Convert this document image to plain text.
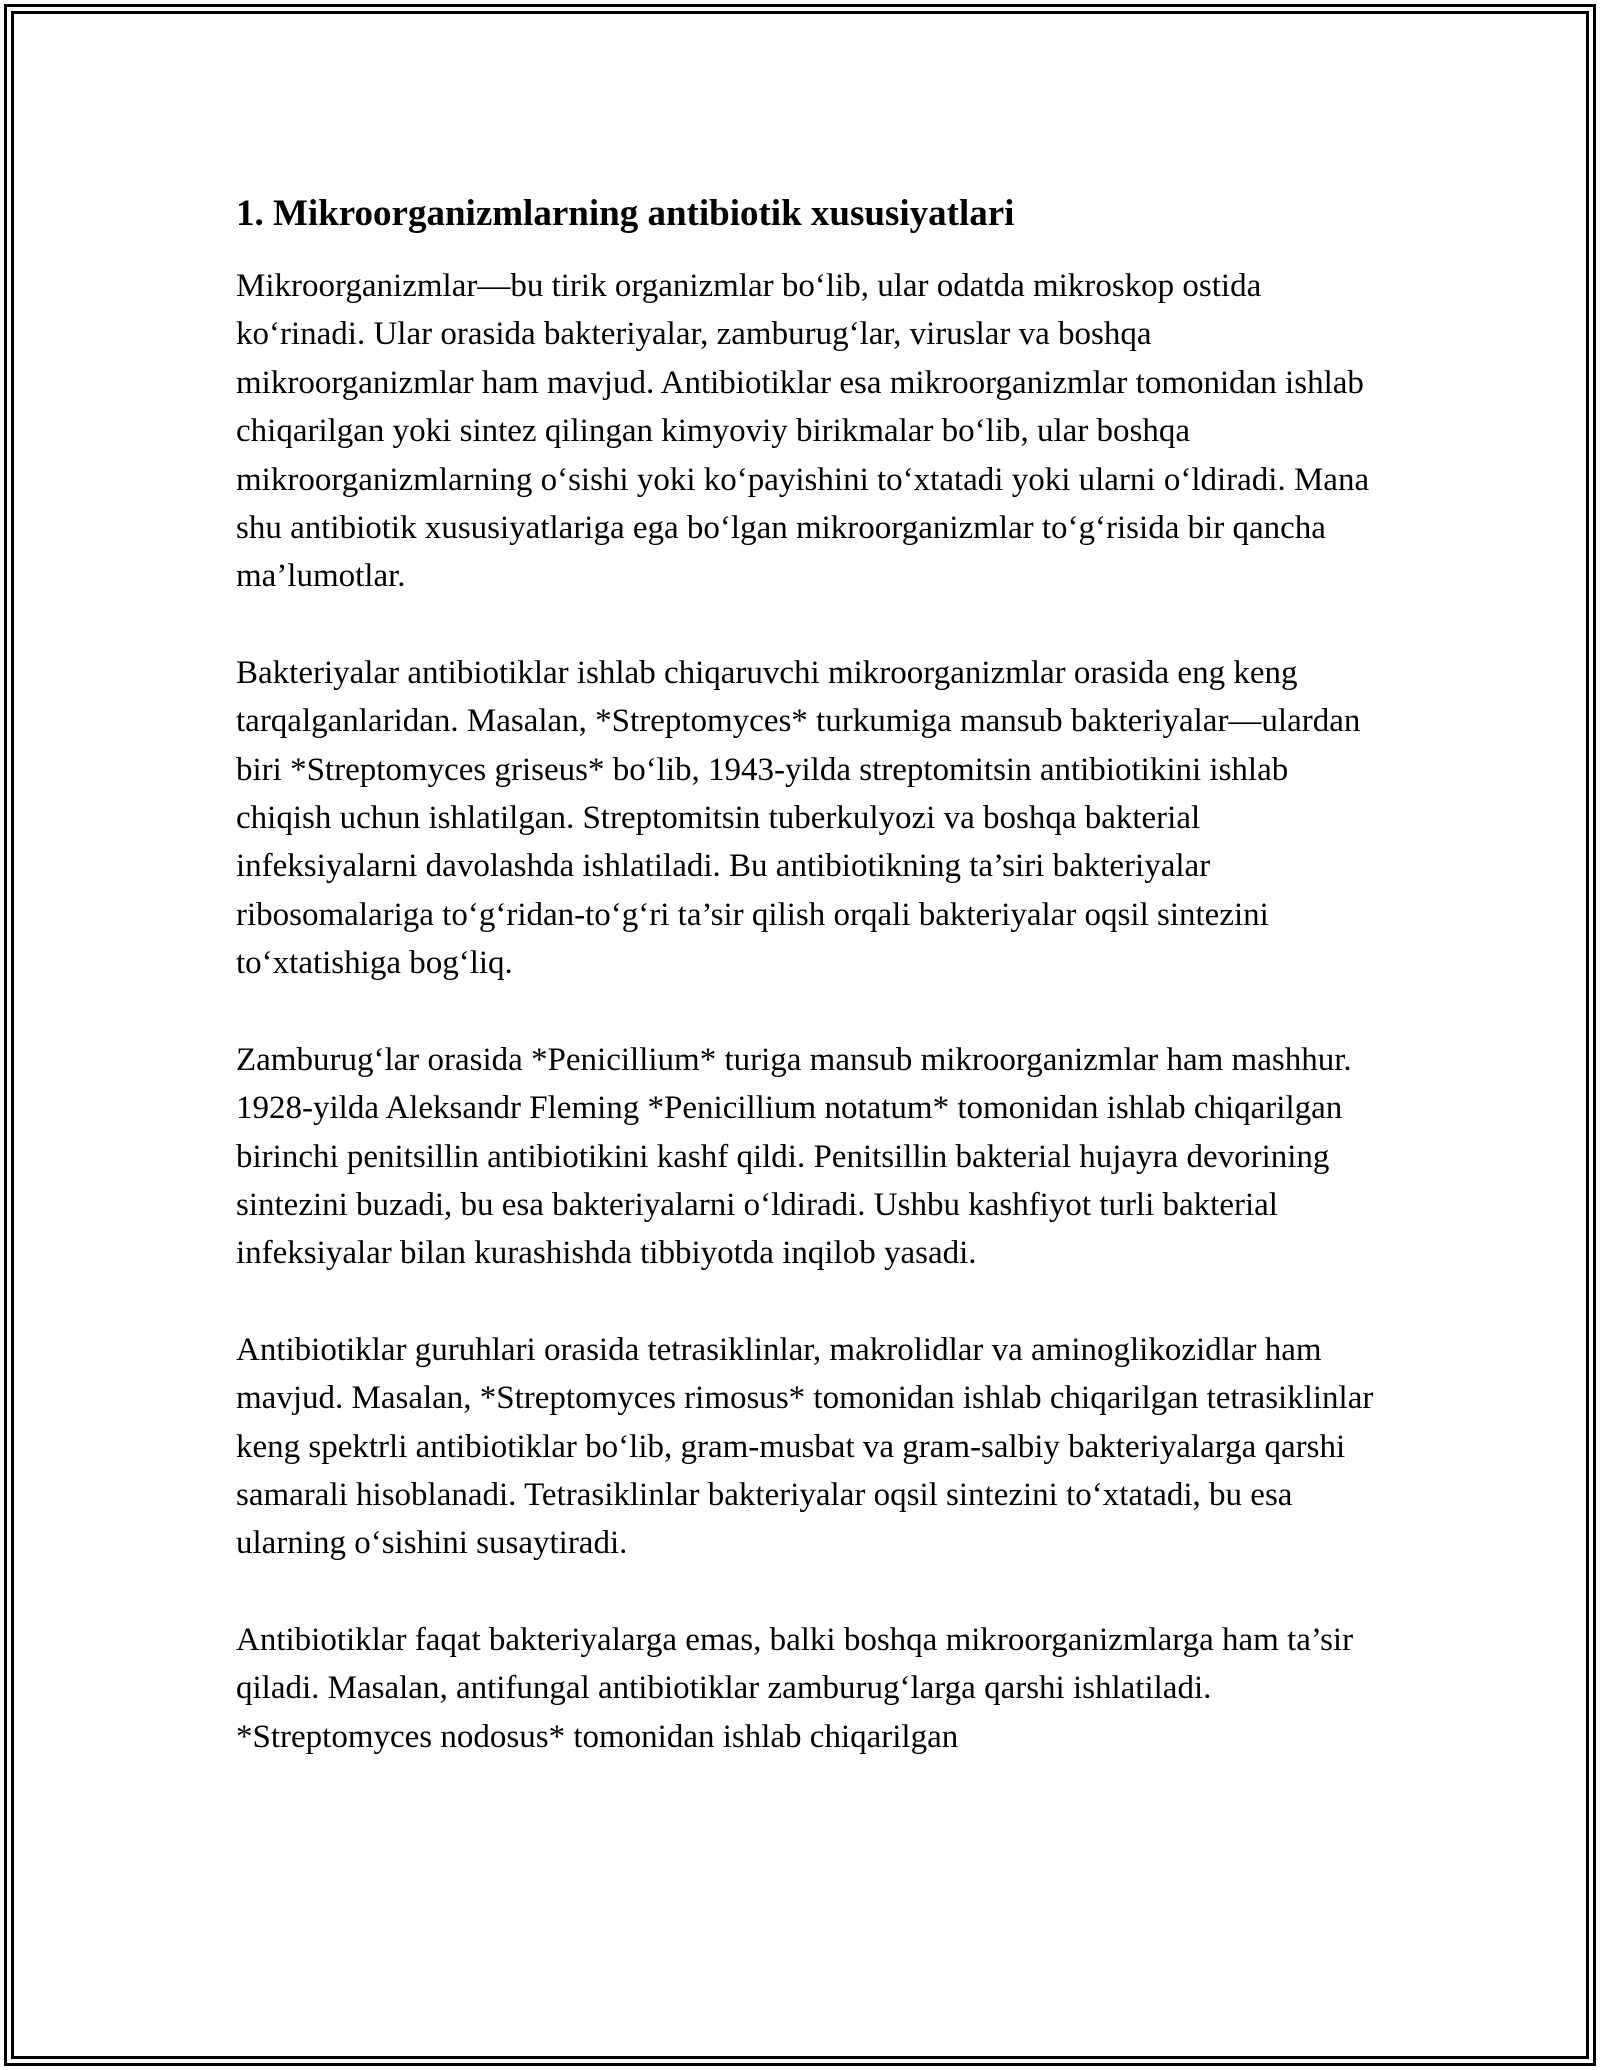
1. Mikroorganizmlarning antibiotik xususiyatlari

Mikroorganizmlar—bu tirik organizmlar bo‘lib, ular odatda mikroskop ostida ko‘rinadi. Ular orasida bakteriyalar, zamburug‘lar, viruslar va boshqa mikroorganizmlar ham mavjud. Antibiotiklar esa mikroorganizmlar tomonidan ishlab chiqarilgan yoki sintez qilingan kimyoviy birikmalar bo‘lib, ular boshqa mikroorganizmlarning o‘sishi yoki ko‘payishini to‘xtatadi yoki ularni o‘ldiradi. Mana shu antibiotik xususiyatlariga ega bo‘lgan mikroorganizmlar to‘g‘risida bir qancha ma’lumotlar.

Bakteriyalar antibiotiklar ishlab chiqaruvchi mikroorganizmlar orasida eng keng tarqalganlaridan. Masalan, *Streptomyces* turkumiga mansub bakteriyalar—ulardan biri *Streptomyces griseus* bo‘lib, 1943-yilda streptomitsin antibiotikini ishlab chiqish uchun ishlatilgan. Streptomitsin tuberkulyozi va boshqa bakterial infeksiyalarni davolashda ishlatiladi. Bu antibiotikning ta’siri bakteriyalar ribosomalariga to‘g‘ridan-to‘g‘ri ta’sir qilish orqali bakteriyalar oqsil sintezini to‘xtatishiga bog‘liq.

Zamburug‘lar orasida *Penicillium* turiga mansub mikroorganizmlar ham mashhur. 1928-yilda Aleksandr Fleming *Penicillium notatum* tomonidan ishlab chiqarilgan birinchi penitsillin antibiotikini kashf qildi. Penitsillin bakterial hujayra devorining sintezini buzadi, bu esa bakteriyalarni o‘ldiradi. Ushbu kashfiyot turli bakterial infeksiyalar bilan kurashishda tibbiyotda inqilob yasadi.

Antibiotiklar guruhlari orasida tetrasiklinlar, makrolidlar va aminoglikozidlar ham mavjud. Masalan, *Streptomyces rimosus* tomonidan ishlab chiqarilgan tetrasiklinlar keng spektrli antibiotiklar bo‘lib, gram-musbat va gram-salbiy bakteriyalarga qarshi samarali hisoblanadi. Tetrasiklinlar bakteriyalar oqsil sintezini to‘xtatadi, bu esa ularning o‘sishini susaytiradi.

Antibiotiklar faqat bakteriyalarga emas, balki boshqa mikroorganizmlarga ham ta’sir qiladi. Masalan, antifungal antibiotiklar zamburug‘larga qarshi ishlatiladi. *Streptomyces nodosus* tomonidan ishlab chiqarilgan
